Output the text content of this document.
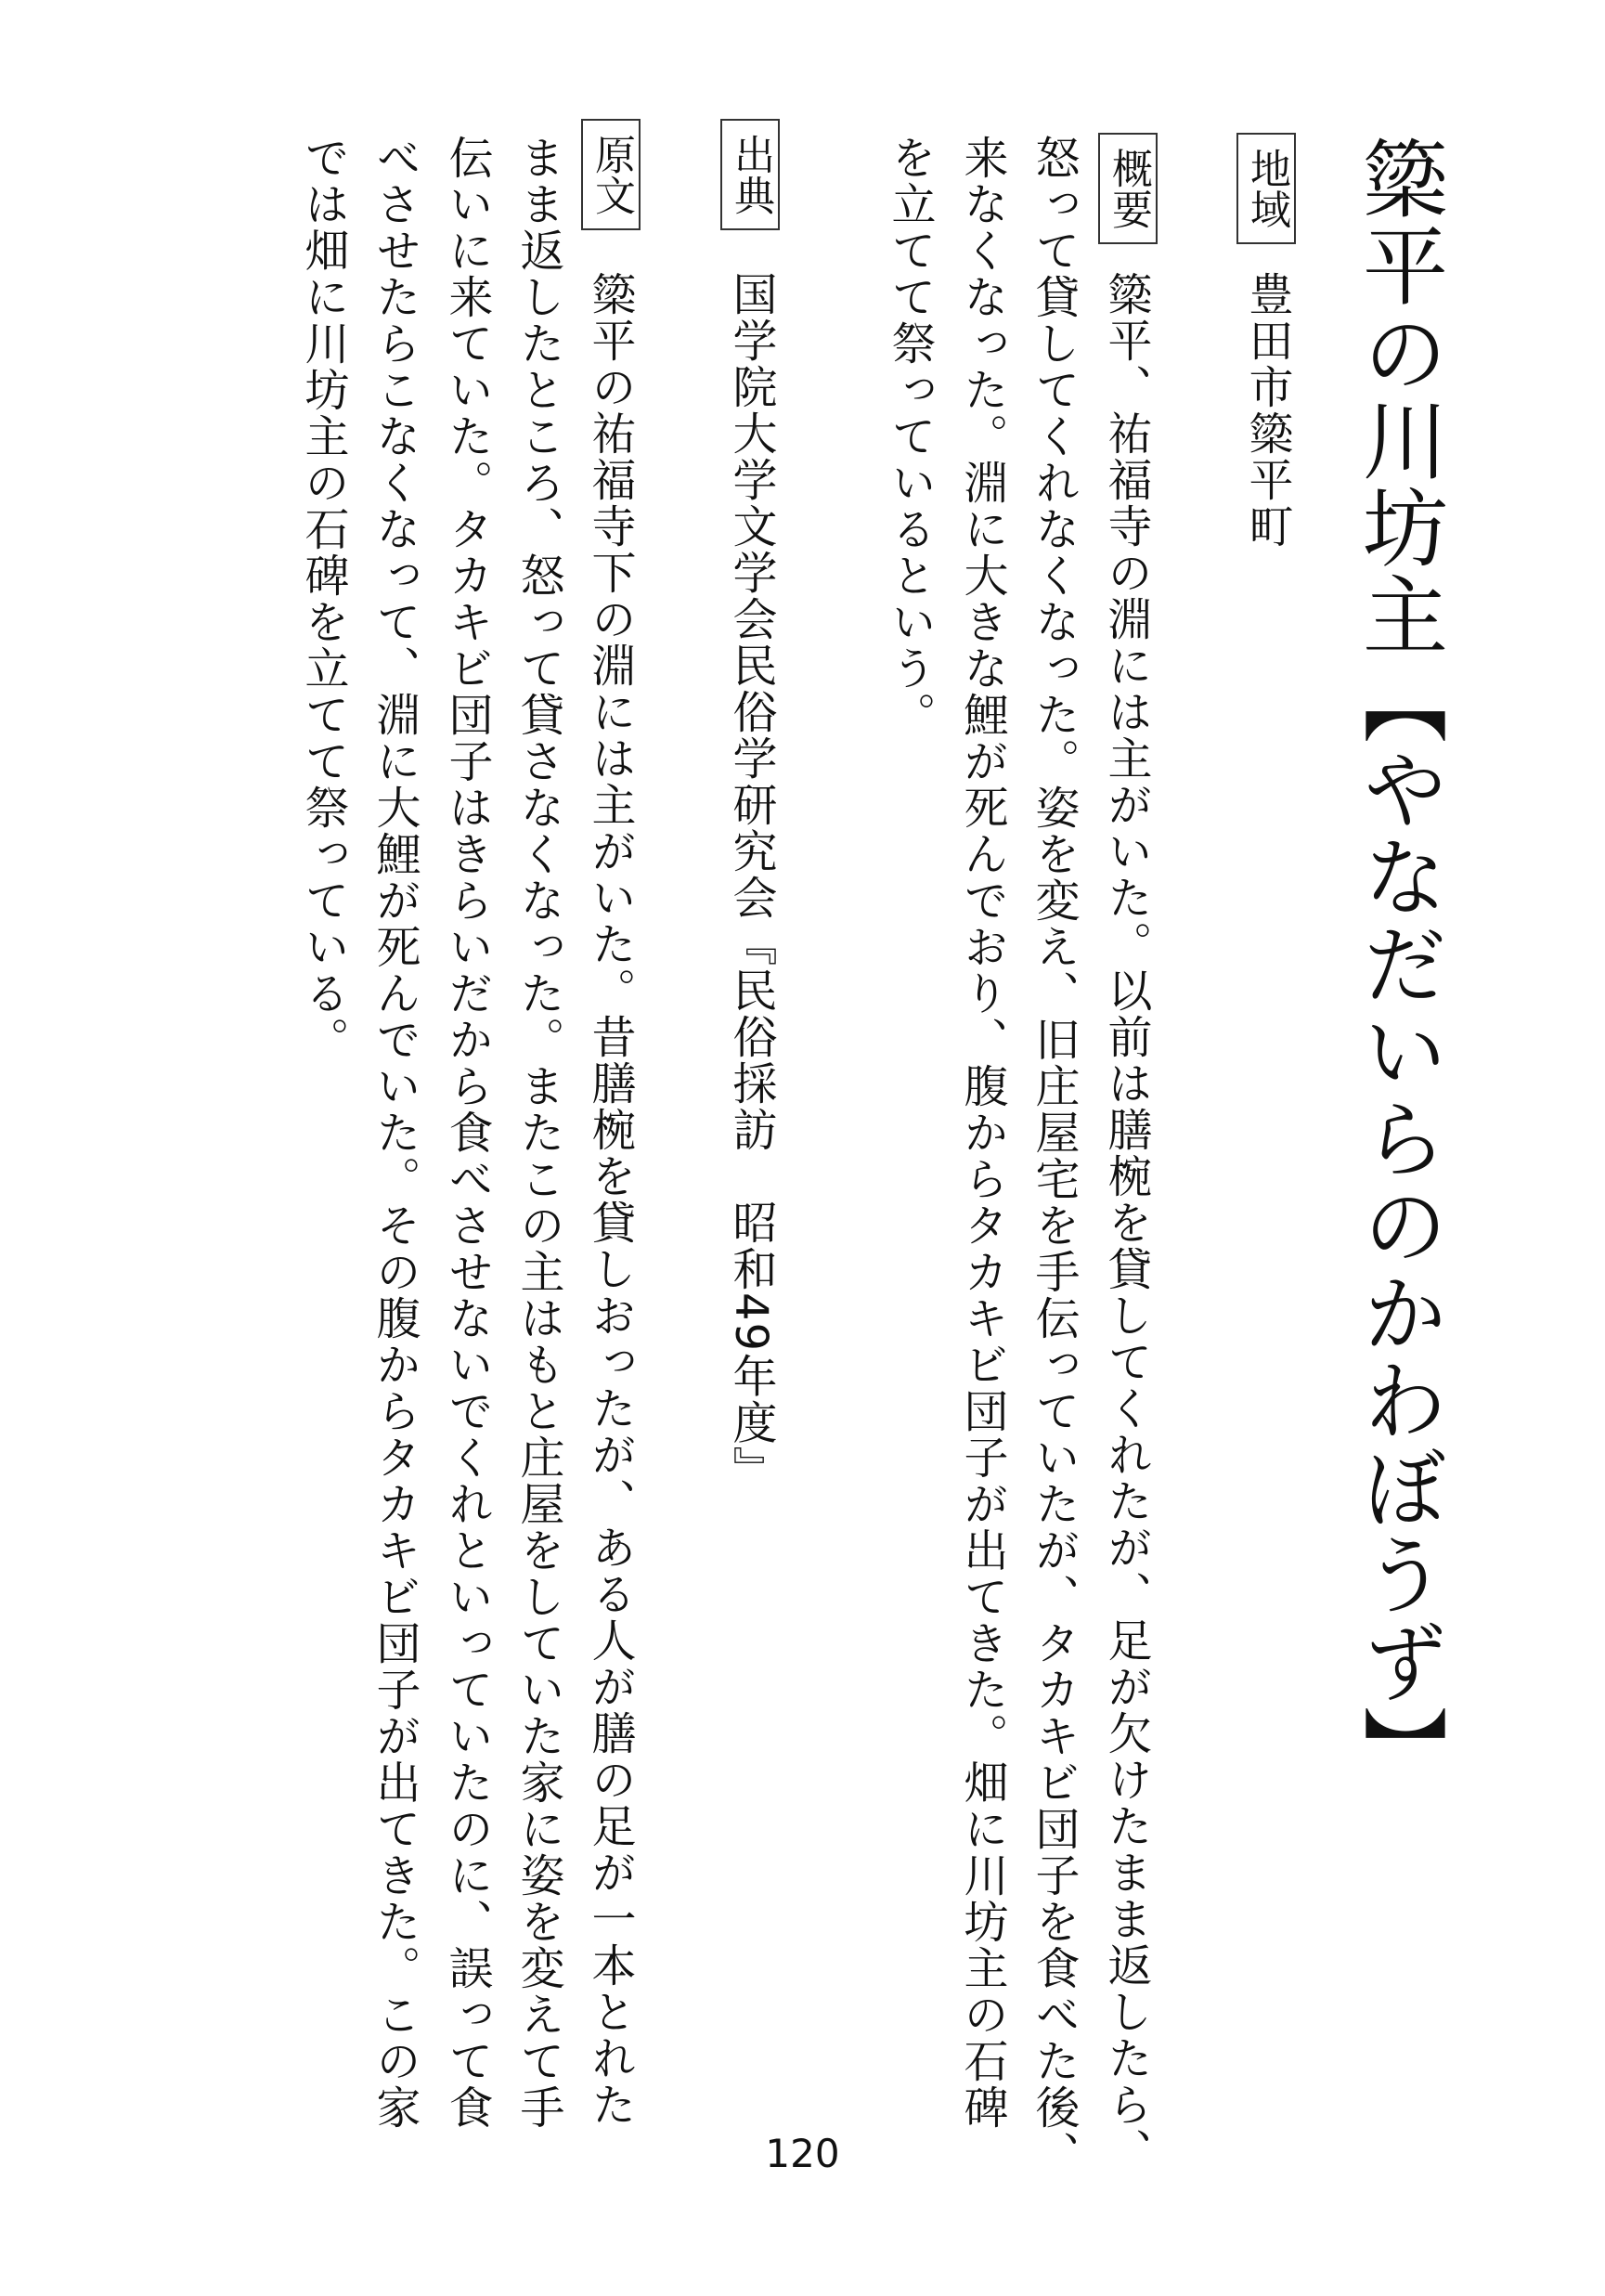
簗平の川坊主【やなだいらのかわぼうず】
地域
豊田市簗平町
概要
簗平、祐福寺の淵には主がいた。以前は膳椀を貸してくれたが、足が欠けたまま返したら、
怒って貸してくれなくなった。姿を変え、旧庄屋宅を手伝っていたが、タカキビ団子を食べた後、
来なくなった。淵に大きな鯉が死んでおり、腹からタカキビ団子が出てきた。畑に川坊主の石碑
を立てて祭っているという。
出典
国学院大学文学会民俗学研究会『民俗採訪　昭和49年度』
原文
簗平の祐福寺下の淵には主がいた。昔膳椀を貸しおったが、ある人が膳の足が一本とれた
まま返したところ、怒って貸さなくなった。またこの主はもと庄屋をしていた家に姿を変えて手
伝いに来ていた。タカキビ団子はきらいだから食べさせないでくれといっていたのに、誤って食
べさせたらこなくなって、淵に大鯉が死んでいた。その腹からタカキビ団子が出てきた。この家
では畑に川坊主の石碑を立てて祭っている。
120
